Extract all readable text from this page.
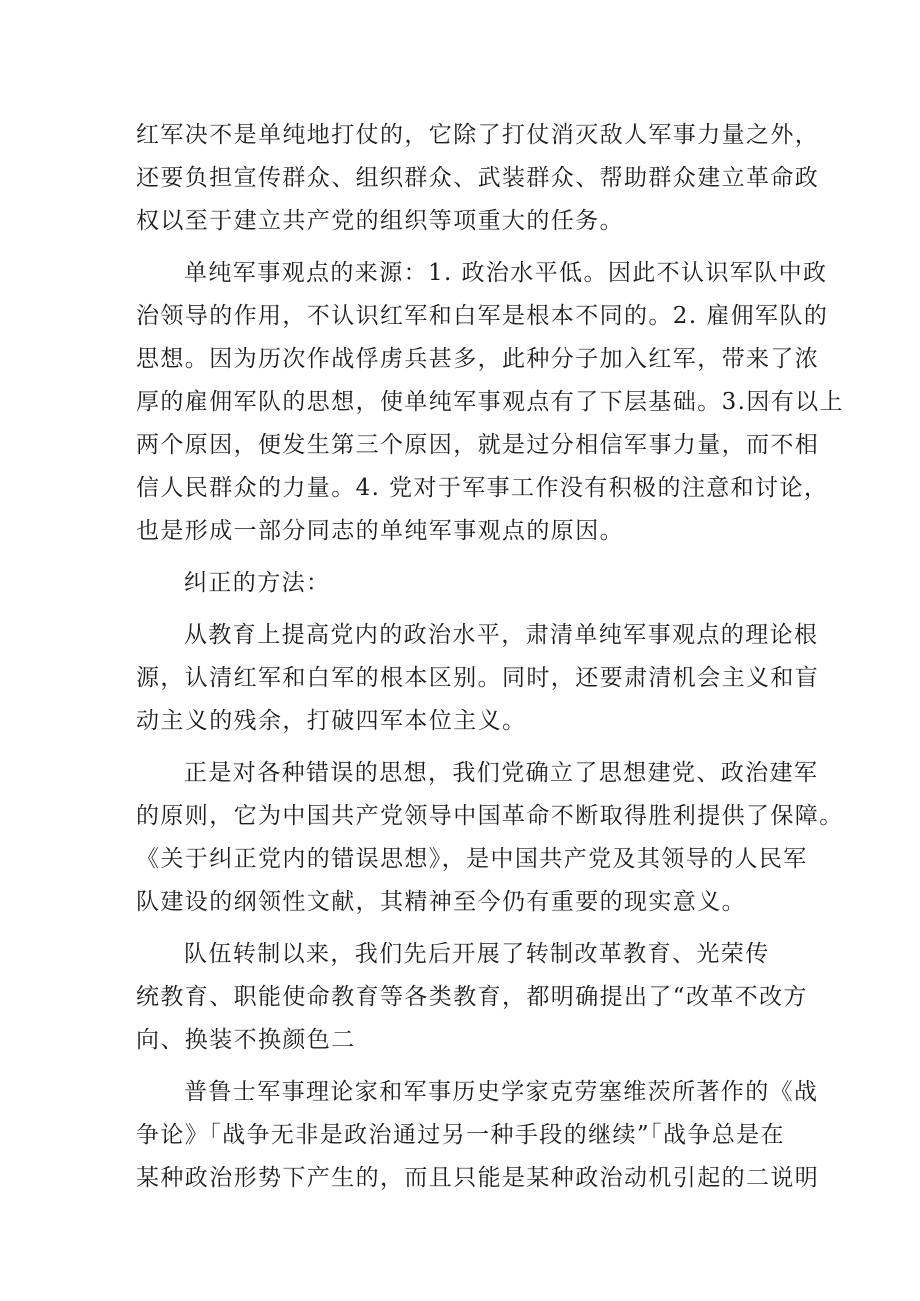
红军决不是单纯地打仗的，它除了打仗消灭敌人军事力量之外，
还要负担宣传群众、组织群众、武装群众、帮助群众建立革命政
权以至于建立共产党的组织等项重大的任务。
单纯军事观点的来源：1. 政治水平低。因此不认识军队中政
治领导的作用，不认识红军和白军是根本不同的。2. 雇佣军队的
思想。因为历次作战俘虏兵甚多，此种分子加入红军，带来了浓
厚的雇佣军队的思想，使单纯军事观点有了下层基础。3.因有以上
两个原因，便发生第三个原因，就是过分相信军事力量，而不相
信人民群众的力量。4. 党对于军事工作没有积极的注意和讨论，
也是形成一部分同志的单纯军事观点的原因。
纠正的方法：
从教育上提高党内的政治水平，肃清单纯军事观点的理论根
源，认清红军和白军的根本区别。同时，还要肃清机会主义和盲
动主义的残余，打破四军本位主义。
正是对各种错误的思想，我们党确立了思想建党、政治建军
的原则，它为中国共产党领导中国革命不断取得胜利提供了保障。
《关于纠正党内的错误思想》，是中国共产党及其领导的人民军
队建设的纲领性文献，其精神至今仍有重要的现实意义。
队伍转制以来，我们先后开展了转制改革教育、光荣传
统教育、职能使命教育等各类教育，都明确提出了“改革不改方
向、换装不换颜色二
普鲁士军事理论家和军事历史学家克劳塞维茨所著作的《战
争论》「战争无非是政治通过另一种手段的继续”「战争总是在
某种政治形势下产生的，而且只能是某种政治动机引起的二说明
